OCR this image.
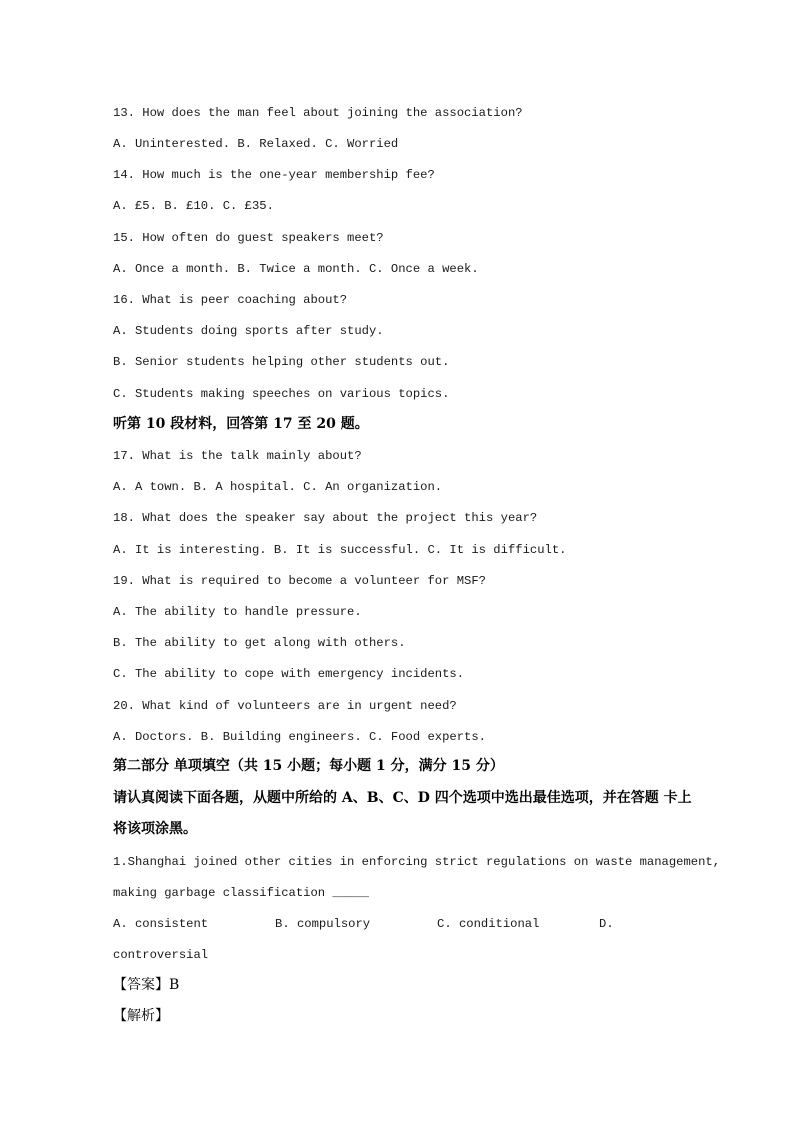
13. How does the man feel about joining the association?
A. Uninterested. B. Relaxed. C. Worried
14. How much is the one-year membership fee?
A. £5. B. £10. C. £35.
15. How often do guest speakers meet?
A. Once a month. B. Twice a month. C. Once a week.
16. What is peer coaching about?
A. Students doing sports after study.
B. Senior students helping other students out.
C. Students making speeches on various topics.
听第 10 段材料，回答第 17 至 20 题。
17. What is the talk mainly about?
A. A town. B. A hospital. C. An organization.
18. What does the speaker say about the project this year?
A. It is interesting. B. It is successful. C. It is difficult.
19. What is required to become a volunteer for MSF?
A. The ability to handle pressure.
B. The ability to get along with others.
C. The ability to cope with emergency incidents.
20. What kind of volunteers are in urgent need?
A. Doctors. B. Building engineers. C. Food experts.
第二部分 单项填空（共 15 小题；每小题 1 分，满分 15 分）
请认真阅读下面各题，从题中所给的 A、B、C、D 四个选项中选出最佳选项，并在答题 卡上
将该项涂黑。
1.Shanghai joined other cities in enforcing strict regulations on waste management,
making garbage classification _____
A. consistent	B. compulsory	C. conditional	D.
controversial
【答案】B
【解析】
